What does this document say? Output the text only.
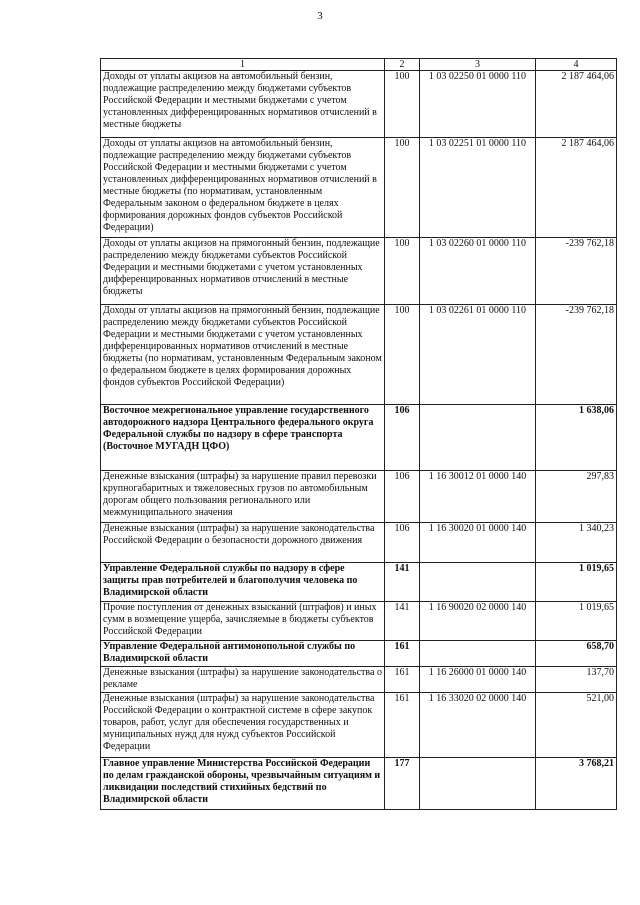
3
1	2	3	4
Доходы от уплаты акцизов на автомобильный бензин, подлежащие распределению между бюджетами субъектов Российской Федерации и местными бюджетами с учетом установленных дифференцированных нормативов отчислений в местные бюджеты	100	1 03 02250 01 0000 110	2 187 464,06
Доходы от уплаты акцизов на автомобильный бензин, подлежащие распределению между бюджетами субъектов Российской Федерации и местными бюджетами с учетом установленных дифференцированных нормативов отчислений в местные бюджеты (по нормативам, установленным Федеральным законом о федеральном бюджете в целях формирования дорожных фондов субъектов Российской Федерации)	100	1 03 02251 01 0000 110	2 187 464,06
Доходы от уплаты акцизов на прямогонный бензин, подлежащие распределению между бюджетами субъектов Российской Федерации и местными бюджетами с учетом установленных дифференцированных нормативов отчислений в местные бюджеты	100	1 03 02260 01 0000 110	-239 762,18
Доходы от уплаты акцизов на прямогонный бензин, подлежащие распределению между бюджетами субъектов Российской Федерации и местными бюджетами с учетом установленных дифференцированных нормативов отчислений в местные бюджеты (по нормативам, установленным Федеральным законом о федеральном бюджете в целях формирования дорожных фондов субъектов Российской Федерации)	100	1 03 02261 01 0000 110	-239 762,18
Восточное межрегиональное управление государственного автодорожного надзора Центрального федерального округа Федеральной службы по надзору в сфере транспорта (Восточное МУГАДН ЦФО)	106		1 638,06
Денежные взыскания (штрафы) за нарушение правил перевозки крупногабаритных и тяжеловесных грузов по автомобильным дорогам общего пользования регионального или межмуниципального значения	106	1 16 30012 01 0000 140	297,83
Денежные взыскания (штрафы) за нарушение законодательства Российской Федерации о безопасности дорожного движения	106	1 16 30020 01 0000 140	1 340,23
Управление Федеральной службы по надзору в сфере защиты прав потребителей и благополучия человека по Владимирской области	141		1 019,65
Прочие поступления от денежных взысканий (штрафов) и иных сумм в возмещение ущерба, зачисляемые в бюджеты субъектов Российской Федерации	141	1 16 90020 02 0000 140	1 019,65
Управление Федеральной антимонопольной службы по Владимирской области	161		658,70
Денежные взыскания (штрафы) за нарушение законодательства о рекламе	161	1 16 26000 01 0000 140	137,70
Денежные взыскания (штрафы) за нарушение законодательства Российской Федерации о контрактной системе в сфере закупок товаров, работ, услуг для обеспечения государственных и муниципальных нужд для нужд субъектов Российской Федерации	161	1 16 33020 02 0000 140	521,00
Главное управление Министерства Российской Федерации по делам гражданской обороны, чрезвычайным ситуациям и ликвидации последствий стихийных бедствий по Владимирской области	177		3 768,21
